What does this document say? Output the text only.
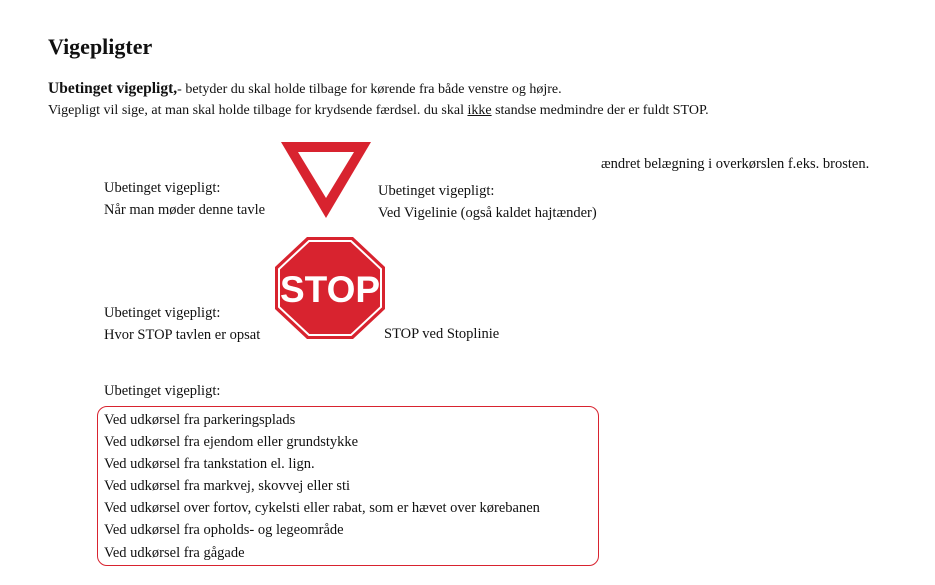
Vigepligter
Ubetinget vigepligt,- betyder du skal holde tilbage for kørende fra både venstre og højre.
Vigepligt vil sige, at man skal holde tilbage for krydsende færdsel. du skal ikke standse medmindre der er fuldt STOP.
ændret belægning i overkørslen f.eks. brosten.
Ubetinget vigepligt:
Når man møder denne tavle
Ubetinget vigepligt:
Ved Vigelinie (også kaldet hajtænder)
STOP
Ubetinget vigepligt:
Hvor STOP tavlen er opsat	STOP ved Stoplinie
Ubetinget vigepligt:
Ved udkørsel fra parkeringsplads
Ved udkørsel fra ejendom eller grundstykke
Ved udkørsel fra tankstation el. lign.
Ved udkørsel fra markvej, skovvej eller sti
Ved udkørsel over fortov, cykelsti eller rabat, som er hævet over kørebanen
Ved udkørsel fra opholds- og legeområde
Ved udkørsel fra gågade
